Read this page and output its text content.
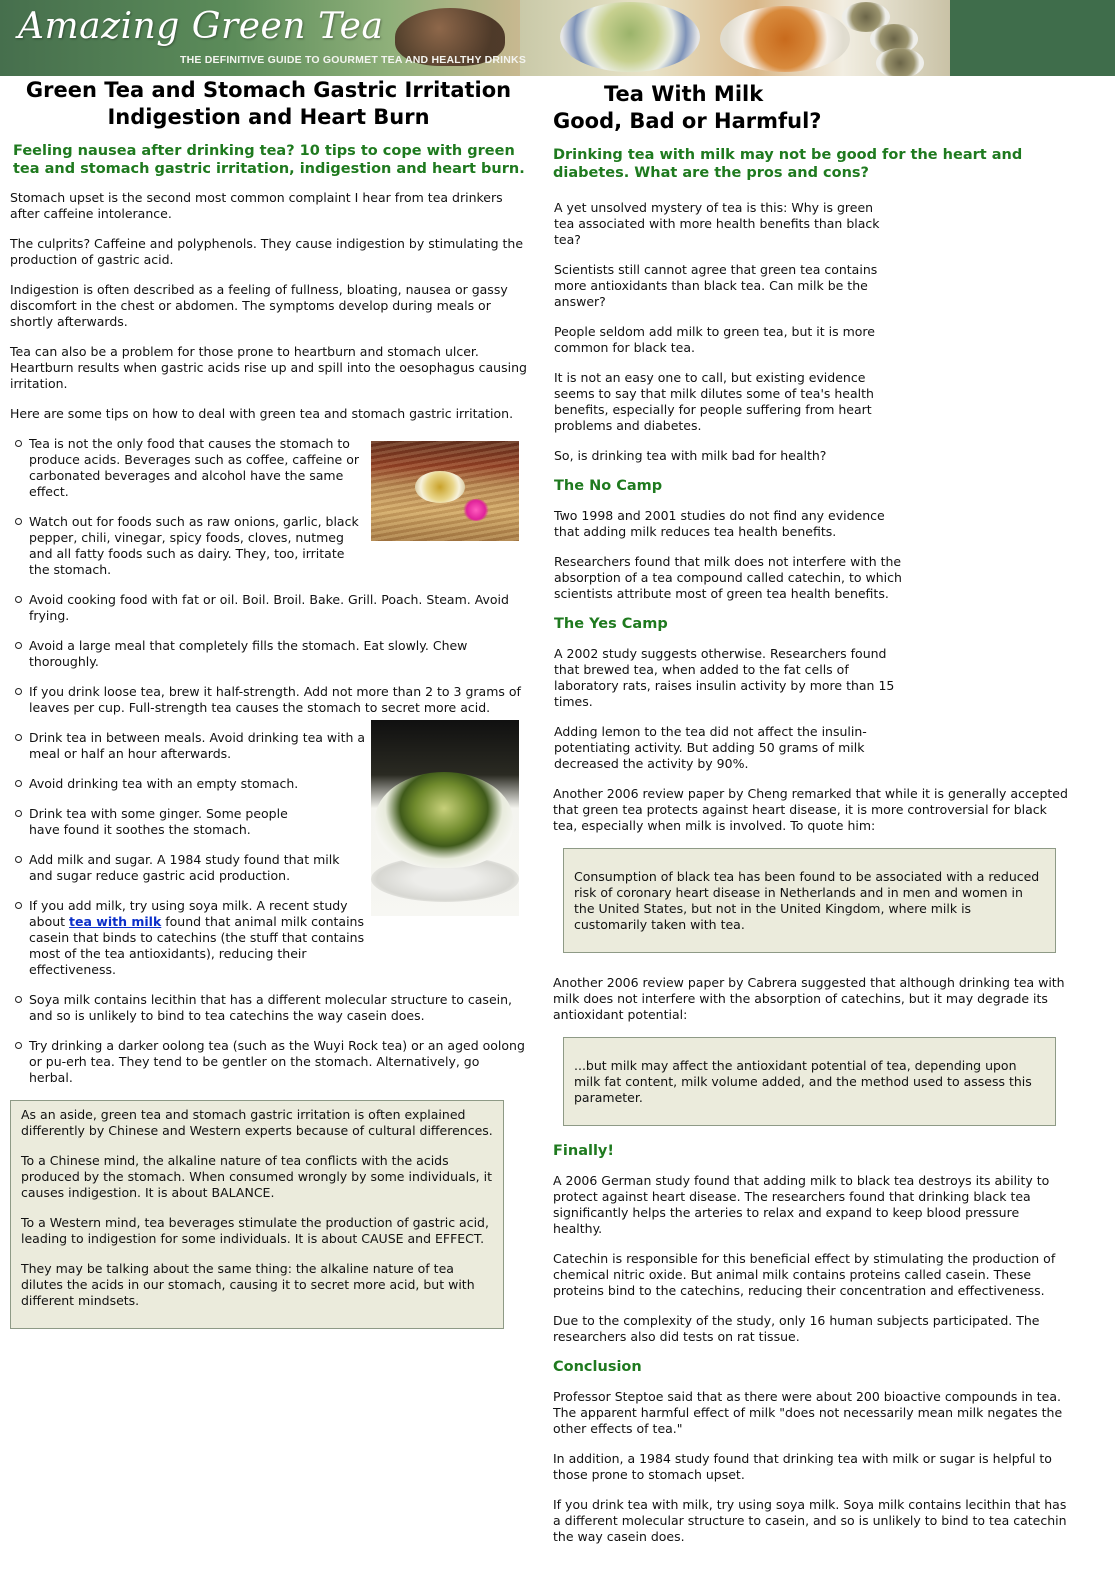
Amazing Green Tea
THE DEFINITIVE GUIDE TO GOURMET TEA AND HEALTHY DRINKS
Green Tea and Stomach Gastric Irritation
Indigestion and Heart Burn
Feeling nausea after drinking tea? 10 tips to cope with green tea and stomach gastric irritation, indigestion and heart burn.

Stomach upset is the second most common complaint I hear from tea drinkers after caffeine intolerance.

The culprits? Caffeine and polyphenols. They cause indigestion by stimulating the production of gastric acid.

Indigestion is often described as a feeling of fullness, bloating, nausea or gassy discomfort in the chest or abdomen. The symptoms develop during meals or shortly afterwards.

Tea can also be a problem for those prone to heartburn and stomach ulcer. Heartburn results when gastric acids rise up and spill into the oesophagus causing irritation.

Here are some tips on how to deal with green tea and stomach gastric irritation.

Tea is not the only food that causes the stomach to produce acids. Beverages such as coffee, caffeine or carbonated beverages and alcohol have the same effect.
Watch out for foods such as raw onions, garlic, black pepper, chili, vinegar, spicy foods, cloves, nutmeg and all fatty foods such as dairy. They, too, irritate the stomach.
Avoid cooking food with fat or oil. Boil. Broil. Bake. Grill. Poach. Steam. Avoid frying.
Avoid a large meal that completely fills the stomach. Eat slowly. Chew thoroughly.
If you drink loose tea, brew it half-strength. Add not more than 2 to 3 grams of leaves per cup. Full-strength tea causes the stomach to secret more acid.
Drink tea in between meals. Avoid drinking tea with a meal or half an hour afterwards.
Avoid drinking tea with an empty stomach.
Drink tea with some ginger. Some people have found it soothes the stomach.
Add milk and sugar. A 1984 study found that milk and sugar reduce gastric acid production.
If you add milk, try using soya milk. A recent study about tea with milk found that animal milk contains casein that binds to catechins (the stuff that contains most of the tea antioxidants), reducing their effectiveness.
Soya milk contains lecithin that has a different molecular structure to casein, and so is unlikely to bind to tea catechins the way casein does.
Try drinking a darker oolong tea (such as the Wuyi Rock tea) or an aged oolong or pu-erh tea. They tend to be gentler on the stomach. Alternatively, go herbal.

As an aside, green tea and stomach gastric irritation is often explained differently by Chinese and Western experts because of cultural differences.

To a Chinese mind, the alkaline nature of tea conflicts with the acids produced by the stomach. When consumed wrongly by some individuals, it causes indigestion. It is about BALANCE.

To a Western mind, tea beverages stimulate the production of gastric acid, leading to indigestion for some individuals. It is about CAUSE and EFFECT.

They may be talking about the same thing: the alkaline nature of tea dilutes the acids in our stomach, causing it to secret more acid, but with different mindsets.

Tea With Milk
Good, Bad or Harmful?
Drinking tea with milk may not be good for the heart and diabetes. What are the pros and cons?

A yet unsolved mystery of tea is this: Why is green tea associated with more health benefits than black tea?

Scientists still cannot agree that green tea contains more antioxidants than black tea. Can milk be the answer?

People seldom add milk to green tea, but it is more common for black tea.

It is not an easy one to call, but existing evidence seems to say that milk dilutes some of tea's health benefits, especially for people suffering from heart problems and diabetes.

So, is drinking tea with milk bad for health?

The No Camp

Two 1998 and 2001 studies do not find any evidence that adding milk reduces tea health benefits.

Researchers found that milk does not interfere with the absorption of a tea compound called catechin, to which scientists attribute most of green tea health benefits.

The Yes Camp

A 2002 study suggests otherwise. Researchers found that brewed tea, when added to the fat cells of laboratory rats, raises insulin activity by more than 15 times.

Adding lemon to the tea did not affect the insulin-potentiating activity. But adding 50 grams of milk decreased the activity by 90%.

Another 2006 review paper by Cheng remarked that while it is generally accepted that green tea protects against heart disease, it is more controversial for black tea, especially when milk is involved. To quote him:

Consumption of black tea has been found to be associated with a reduced risk of coronary heart disease in Netherlands and in men and women in the United States, but not in the United Kingdom, where milk is customarily taken with tea.

Another 2006 review paper by Cabrera suggested that although drinking tea with milk does not interfere with the absorption of catechins, but it may degrade its antioxidant potential:

...but milk may affect the antioxidant potential of tea, depending upon milk fat content, milk volume added, and the method used to assess this parameter.

Finally!

A 2006 German study found that adding milk to black tea destroys its ability to protect against heart disease. The researchers found that drinking black tea significantly helps the arteries to relax and expand to keep blood pressure healthy.

Catechin is responsible for this beneficial effect by stimulating the production of chemical nitric oxide. But animal milk contains proteins called casein. These proteins bind to the catechins, reducing their concentration and effectiveness.

Due to the complexity of the study, only 16 human subjects participated. The researchers also did tests on rat tissue.

Conclusion

Professor Steptoe said that as there were about 200 bioactive compounds in tea. The apparent harmful effect of milk "does not necessarily mean milk negates the other effects of tea."

In addition, a 1984 study found that drinking tea with milk or sugar is helpful to those prone to stomach upset.

If you drink tea with milk, try using soya milk. Soya milk contains lecithin that has a different molecular structure to casein, and so is unlikely to bind to tea catechin the way casein does.
